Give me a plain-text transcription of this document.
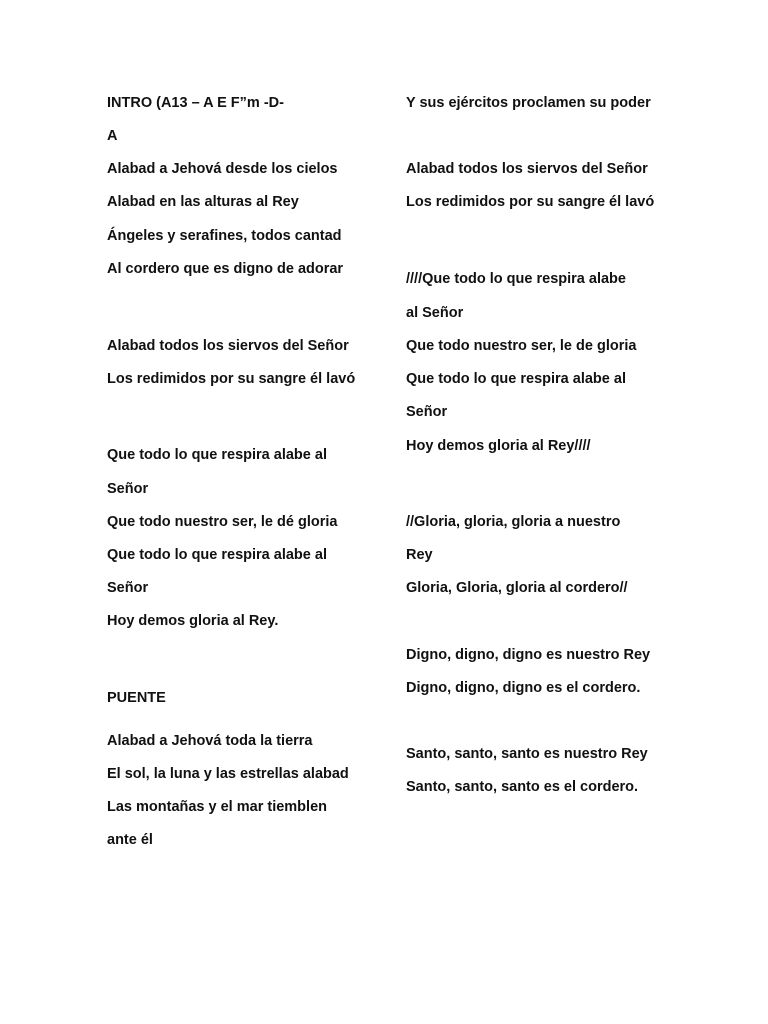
INTRO (A13 – A E F”m -D-
A
Alabad a Jehová desde los cielos
Alabad en las alturas al Rey
Ángeles y serafines, todos cantad
Al cordero que es digno de adorar
Alabad todos los siervos del Señor
Los redimidos por su sangre él lavó
Que todo lo que respira alabe al
Señor
Que todo nuestro ser, le dé gloria
Que todo lo que respira alabe al
Señor
Hoy demos gloria al Rey.
PUENTE
Alabad a Jehová toda la tierra
El sol, la luna y las estrellas alabad
Las montañas y el mar tiemblen
ante él
Y sus ejércitos proclamen su poder
Alabad todos los siervos del Señor
Los redimidos por su sangre él lavó
////Que todo lo que respira alabe
al Señor
Que todo nuestro ser, le de gloria
Que todo lo que respira alabe al
Señor
Hoy demos gloria al Rey////
//Gloria, gloria, gloria a nuestro
Rey
Gloria, Gloria, gloria al cordero//
Digno, digno, digno es nuestro Rey
Digno, digno, digno es el cordero.
Santo, santo, santo es nuestro Rey
Santo, santo, santo es el cordero.
